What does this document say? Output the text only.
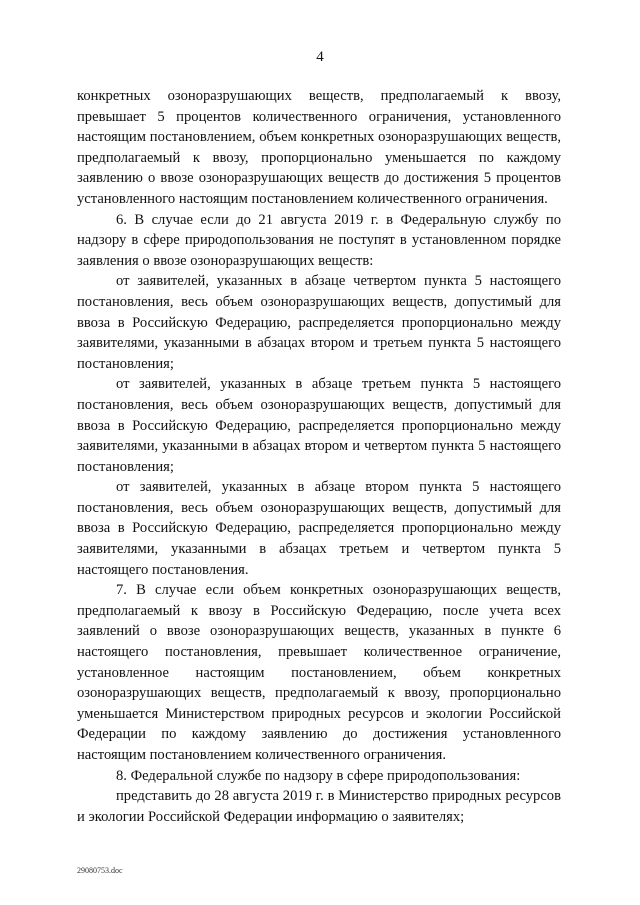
4

конкретных озоноразрушающих веществ, предполагаемый к ввозу, превышает 5 процентов количественного ограничения, установленного настоящим постановлением, объем конкретных озоноразрушающих веществ, предполагаемый к ввозу, пропорционально уменьшается по каждому заявлению о ввозе озоноразрушающих веществ до достижения 5 процентов установленного настоящим постановлением количественного ограничения.

6. В случае если до 21 августа 2019 г. в Федеральную службу по надзору в сфере природопользования не поступят в установленном порядке заявления о ввозе озоноразрушающих веществ:

от заявителей, указанных в абзаце четвертом пункта 5 настоящего постановления, весь объем озоноразрушающих веществ, допустимый для ввоза в Российскую Федерацию, распределяется пропорционально между заявителями, указанными в абзацах втором и третьем пункта 5 настоящего постановления;

от заявителей, указанных в абзаце третьем пункта 5 настоящего постановления, весь объем озоноразрушающих веществ, допустимый для ввоза в Российскую Федерацию, распределяется пропорционально между заявителями, указанными в абзацах втором и четвертом пункта 5 настоящего постановления;

от заявителей, указанных в абзаце втором пункта 5 настоящего постановления, весь объем озоноразрушающих веществ, допустимый для ввоза в Российскую Федерацию, распределяется пропорционально между заявителями, указанными в абзацах третьем и четвертом пункта 5 настоящего постановления.

7. В случае если объем конкретных озоноразрушающих веществ, предполагаемый к ввозу в Российскую Федерацию, после учета всех заявлений о ввозе озоноразрушающих веществ, указанных в пункте 6 настоящего постановления, превышает количественное ограничение, установленное настоящим постановлением, объем конкретных озоноразрушающих веществ, предполагаемый к ввозу, пропорционально уменьшается Министерством природных ресурсов и экологии Российской Федерации по каждому заявлению до достижения установленного настоящим постановлением количественного ограничения.

8. Федеральной службе по надзору в сфере природопользования:

представить до 28 августа 2019 г. в Министерство природных ресурсов и экологии Российской Федерации информацию о заявителях;

29080753.doc
